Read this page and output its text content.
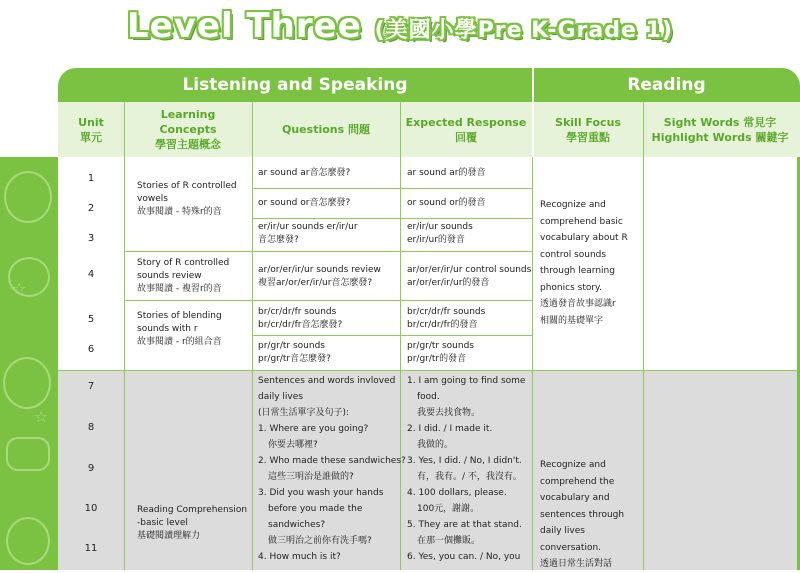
Level Three (美國小學Pre K-Grade 1)
☆
☆
Listening and Speaking	Reading
Unit
單元
Learning
Concepts
學習主題概念
Questions 問題
Expected Response
回覆
Skill Focus
學習重點
Sight Words 常見字
Highlight Words 關鍵字
1
2
3
4
5
6
7
8
9
10
11
Stories of R controlled
vowels
故事閱讀 - 特殊r的音
Story of R controlled
sounds review
故事閱讀 - 複習r的音
Stories of blending
sounds with r
故事閱讀 - r的組合音
Reading Comprehension
-basic level
基礎閱讀理解力
ar sound ar音怎麼發?
or sound or音怎麼發?
er/ir/ur sounds er/ir/ur
音怎麼發?
ar/or/er/ir/ur sounds review
複習ar/or/er/ir/ur音怎麼發?
br/cr/dr/fr sounds
br/cr/dr/fr音怎麼發?
pr/gr/tr sounds
pr/gr/tr音怎麼發?
ar sound ar的發音
or sound or的發音
er/ir/ur sounds
er/ir/ur的發音
ar/or/er/ir/ur control sounds
ar/or/er/ir/ur的發音
br/cr/dr/fr sounds
br/cr/dr/fr的發音
pr/gr/tr sounds
pr/gr/tr的發音
Sentences and words invloved
daily lives
(日常生活單字及句子):
1. Where are you going?
你要去哪裡?
2. Who made these sandwiches?
這些三明治是誰做的?
3. Did you wash your hands
before you made the
sandwiches?
做三明治之前你有洗手嗎?
4. How much is it?
1. I am going to find some
food.
我要去找食物。
2. I did. / I made it.
我做的。
3. Yes, I did. / No, I didn't.
有，我有。/ 不，我沒有。
4. 100 dollars, please.
100元，謝謝。
5. They are at that stand.
在那一個攤販。
6. Yes, you can. / No, you
Recognize and
comprehend basic
vocabulary about R
control sounds
through learning
phonics story.
透過發音故事認識r
相關的基礎單字
Recognize and
comprehend the
vocabulary and
sentences through
daily lives
conversation.
透過日常生活對話
